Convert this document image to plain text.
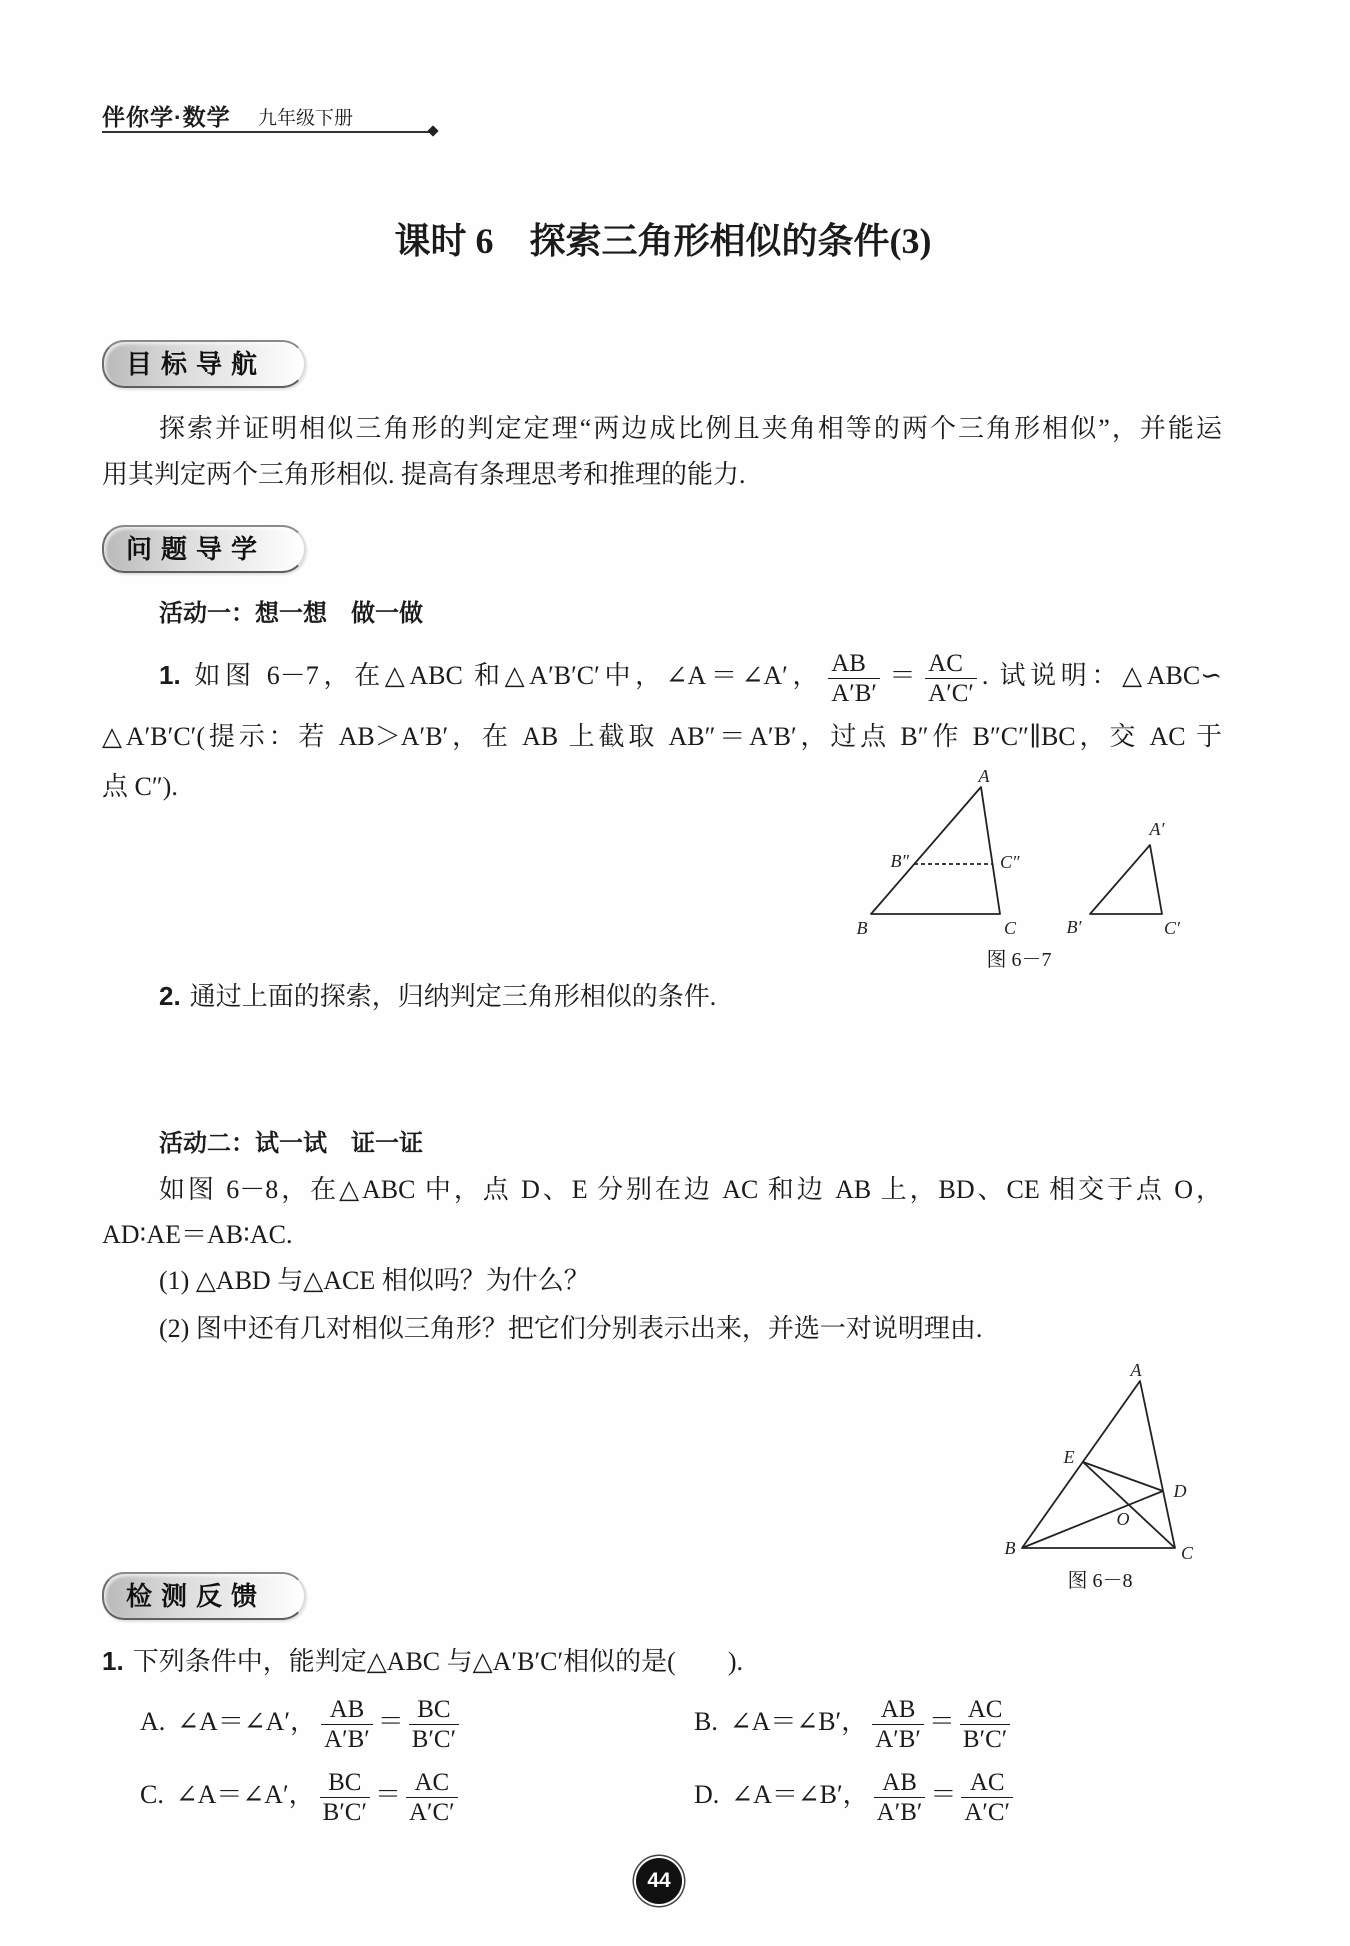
伴你学·数学 九年级下册
课时 6　探索三角形相似的条件(3)
目标导航
探索并证明相似三角形的判定定理“两边成比例且夹角相等的两个三角形相似”，并能运
用其判定两个三角形相似. 提高有条理思考和推理的能力.
问题导学
活动一：想一想　做一做
1. 如图 6－7，在△ABC 和△A′B′C′中，∠A＝∠A′， $\frac{AB}{A'B'} = \frac{AC}{A'C'}$ . 试说明：△ABC∽
△A′B′C′(提示：若 AB＞A′B′，在 AB 上截取 AB″＝A′B′，过点 B″作 B″C″∥BC，交 AC 于
点 C″).	A
B	C
B″	C″
A′
B′	C′
图 6－7
2. 通过上面的探索，归纳判定三角形相似的条件.
活动二：试一试　证一证
如图 6－8，在△ABC 中，点 D、E 分别在边 AC 和边 AB 上，BD、CE 相交于点 O，
AD∶AE＝AB∶AC.
(1) △ABD 与△ACE 相似吗？为什么？
(2) 图中还有几对相似三角形？把它们分别表示出来，并选一对说明理由.
A
E
D
O
B	C
图 6－8
检测反馈
1. 下列条件中，能判定△ABC 与△A′B′C′相似的是(　　).
A. ∠A＝∠A′， $\frac{AB}{A'B'} = \frac{BC}{B'C'}$	B. ∠A＝∠B′， $\frac{AB}{A'B'} = \frac{AC}{B'C'}$
C. ∠A＝∠A′， $\frac{BC}{B'C'} = \frac{AC}{A'C'}$	D. ∠A＝∠B′， $\frac{AB}{A'B'} = \frac{AC}{A'C'}$
44
